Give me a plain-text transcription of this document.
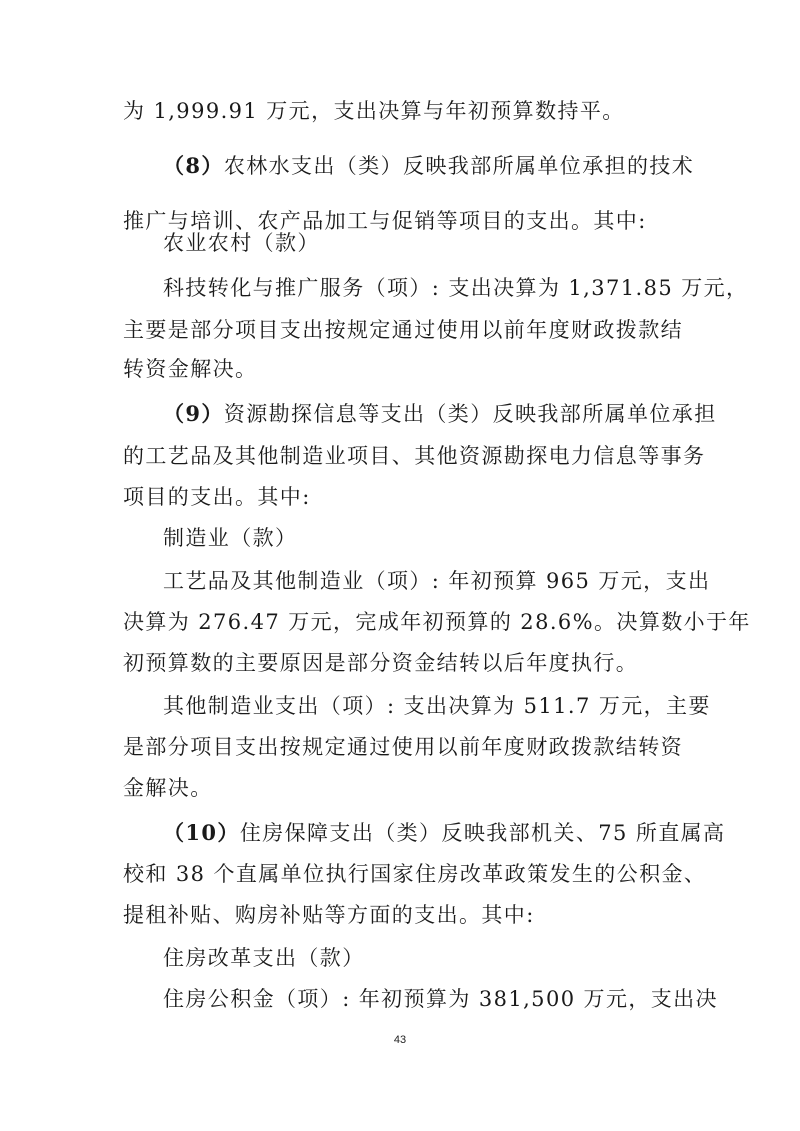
为 1,999.91 万元，支出决算与年初预算数持平。
（8）农林水支出（类）反映我部所属单位承担的技术
推广与培训、农产品加工与促销等项目的支出。其中:
农业农村（款）
科技转化与推广服务（项）: 支出决算为 1,371.85 万元，
主要是部分项目支出按规定通过使用以前年度财政拨款结
转资金解决。
（9）资源勘探信息等支出（类）反映我部所属单位承担
的工艺品及其他制造业项目、其他资源勘探电力信息等事务
项目的支出。其中:
制造业（款）
工艺品及其他制造业（项）: 年初预算 965 万元，支出
决算为 276.47 万元，完成年初预算的 28.6%。决算数小于年
初预算数的主要原因是部分资金结转以后年度执行。
其他制造业支出（项）: 支出决算为 511.7 万元，主要
是部分项目支出按规定通过使用以前年度财政拨款结转资
金解决。
（10）住房保障支出（类）反映我部机关、75 所直属高
校和 38 个直属单位执行国家住房改革政策发生的公积金、
提租补贴、购房补贴等方面的支出。其中:
住房改革支出（款）
住房公积金（项）: 年初预算为 381,500 万元，支出决
43
